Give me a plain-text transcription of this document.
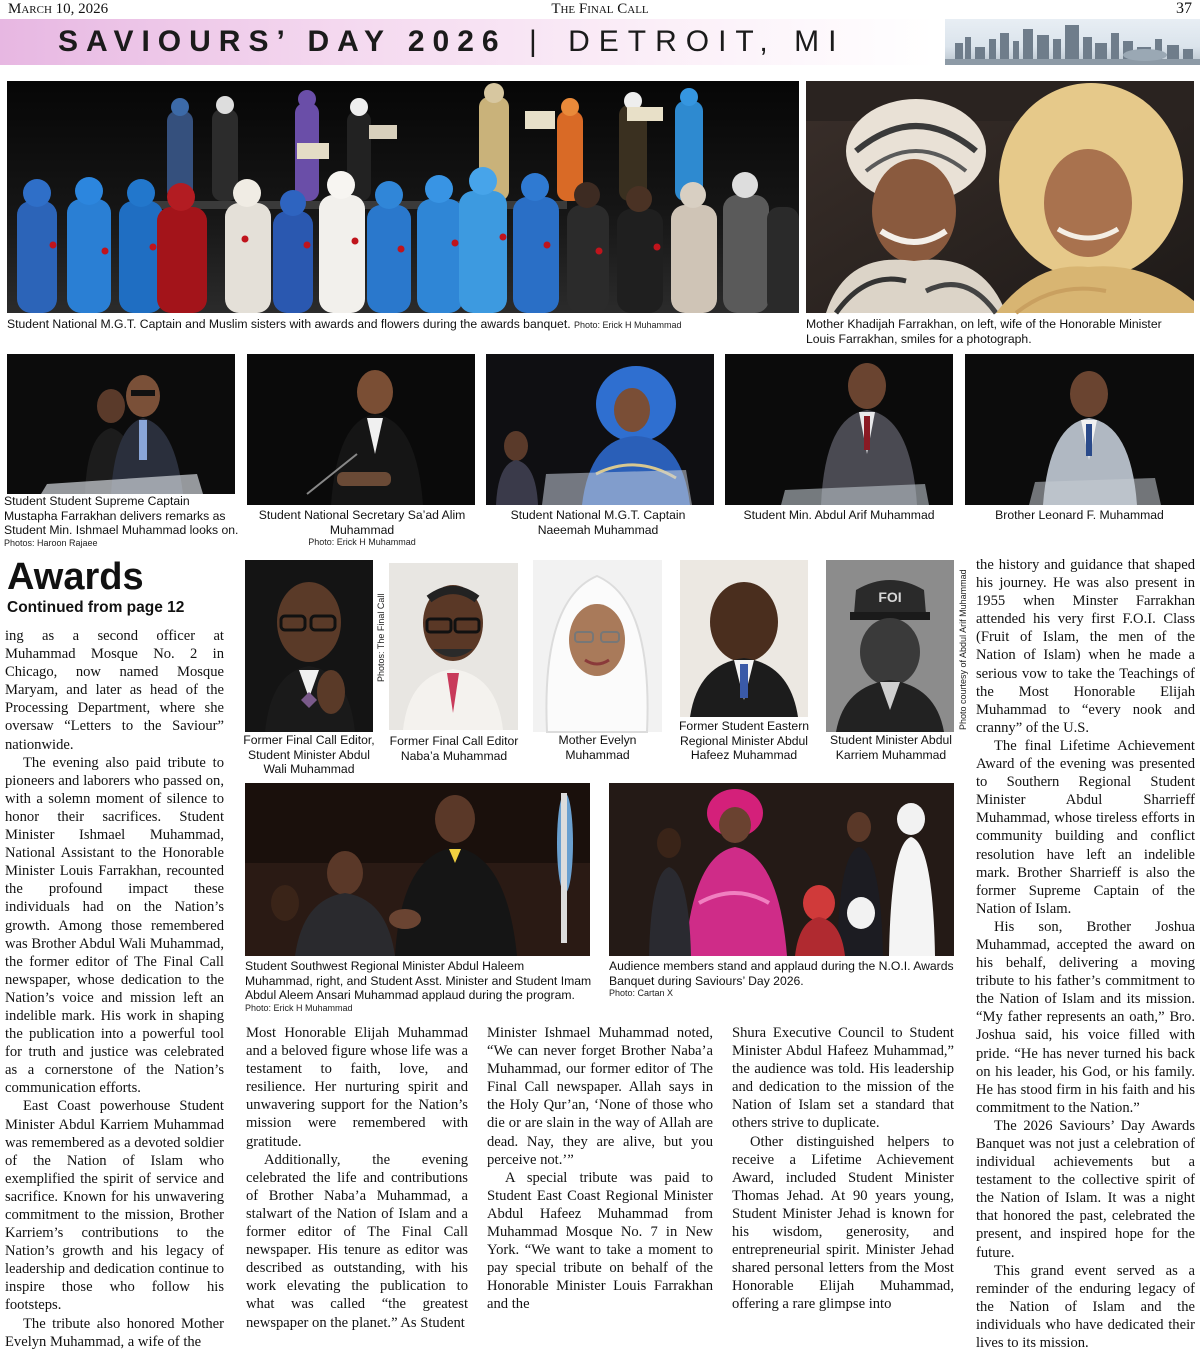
March 10, 2026	The Final Call	37
SAVIOURS’ DAY 2026 | DETROIT, MI
Student National M.G.T. Captain and Muslim sisters with awards and flowers during the awards banquet. Photo: Erick H Muhammad	Mother Khadijah Farrakhan, on left, wife of the Honorable Minister Louis Farrakhan, smiles for a photograph.
Student Student Supreme Captain Mustapha Farrakhan delivers remarks as Student Min. Ishmael Muhammad looks on.
Photos: Haroon Rajaee
Student National Secretary Sa’ad Alim Muhammad
Photo: Erick H Muhammad
Student National M.G.T. Captain Naeemah Muhammad
Student Min. Abdul Arif Muhammad	Brother Leonard F. Muhammad
Awards
Continued from page 12
FOI
Photos: The Final Call	Photo courtesy of Abdul Arif Muhammad
Former Final Call Editor, Student Minister Abdul Wali Muhammad
Former Final Call Editor Naba’a Muhammad
Mother Evelyn Muhammad
Former Student Eastern Regional Minister Abdul Hafeez Muhammad
Student Minister Abdul Karriem Muhammad
Student Southwest Regional Minister Abdul Haleem Muhammad, right, and Student Asst. Minister and Student Imam Abdul Aleem Ansari Muhammad applaud during the program.
Photo: Erick H Muhammad
Audience members stand and applaud during the N.O.I. Awards Banquet during Saviours’ Day 2026.
Photo: Cartan X

ing as a second officer at Muhammad Mosque No. 2 in Chicago, now named Mosque Maryam, and later as head of the Processing Department, where she oversaw “Letters to the Saviour” nationwide.

The evening also paid tribute to pioneers and laborers who passed on, with a solemn moment of silence to honor their sacrifices. Student Minister Ishmael Muhammad, National Assistant to the Honorable Minister Louis Farrakhan, recounted the profound impact these individuals had on the Nation’s growth. Among those remembered was Brother Abdul Wali Muhammad, the former editor of The Final Call newspaper, whose dedication to the Nation’s voice and mission left an indelible mark. His work in shaping the publication into a powerful tool for truth and justice was celebrated as a cornerstone of the Nation’s communication efforts.

East Coast powerhouse Student Minister Abdul Karriem Muhammad was remembered as a devoted soldier of the Nation of Islam who exemplified the spirit of service and sacrifice. Known for his unwavering commitment to the mission, Brother Karriem’s contributions to the Nation’s growth and his legacy of leadership and dedication continue to inspire those who follow his footsteps.

The tribute also honored Mother Evelyn Muhammad, a wife of the

Most Honorable Elijah Muhammad and a beloved figure whose life was a testament to faith, love, and resilience. Her nurturing spirit and unwavering support for the Nation’s mission were remembered with gratitude.

Additionally, the evening celebrated the life and contributions of Brother Naba’a Muhammad, a stalwart of the Nation of Islam and a former editor of The Final Call newspaper. His tenure as editor was described as outstanding, with his work elevating the publication to what was called “the greatest newspaper on the planet.” As Student

Minister Ishmael Muhammad noted, “We can never forget Brother Naba’a Muhammad, our former editor of The Final Call newspaper. Allah says in the Holy Qur’an, ‘None of those who die or are slain in the way of Allah are dead. Nay, they are alive, but you perceive not.’”

A special tribute was paid to Student East Coast Regional Minister Abdul Hafeez Muhammad from Muhammad Mosque No. 7 in New York. “We want to take a moment to pay special tribute on behalf of the Honorable Minister Louis Farrakhan and the

Shura Executive Council to Student Minister Abdul Hafeez Muhammad,” the audience was told. His leadership and dedication to the mission of the Nation of Islam set a standard that others strive to duplicate.

Other distinguished helpers to receive a Lifetime Achievement Award, included Student Minister Thomas Jehad. At 90 years young, Student Minister Jehad is known for his wisdom, generosity, and entrepreneurial spirit. Minister Jehad shared personal letters from the Most Honorable Elijah Muhammad, offering a rare glimpse into

the history and guidance that shaped his journey. He was also present in 1955 when Minster Farrakhan attended his very first F.O.I. Class (Fruit of Islam, the men of the Nation of Islam) when he made a serious vow to take the Teachings of the Most Honorable Elijah Muhammad to “every nook and cranny” of the U.S.

The final Lifetime Achievement Award of the evening was presented to Southern Regional Student Minister Abdul Sharrieff Muhammad, whose tireless efforts in community building and conflict resolution have left an indelible mark. Brother Sharrieff is also the former Supreme Captain of the Nation of Islam.

His son, Brother Joshua Muhammad, accepted the award on his behalf, delivering a moving tribute to his father’s commitment to the Nation of Islam and its mission. “My father represents an oath,” Bro. Joshua said, his voice filled with pride. “He has never turned his back on his leader, his God, or his family. He has stood firm in his faith and his commitment to the Nation.”

The 2026 Saviours’ Day Awards Banquet was not just a celebration of individual achievements but a testament to the collective spirit of the Nation of Islam. It was a night that honored the past, celebrated the present, and inspired hope for the future.

This grand event served as a reminder of the enduring legacy of the Nation of Islam and the individuals who have dedicated their lives to its mission.
